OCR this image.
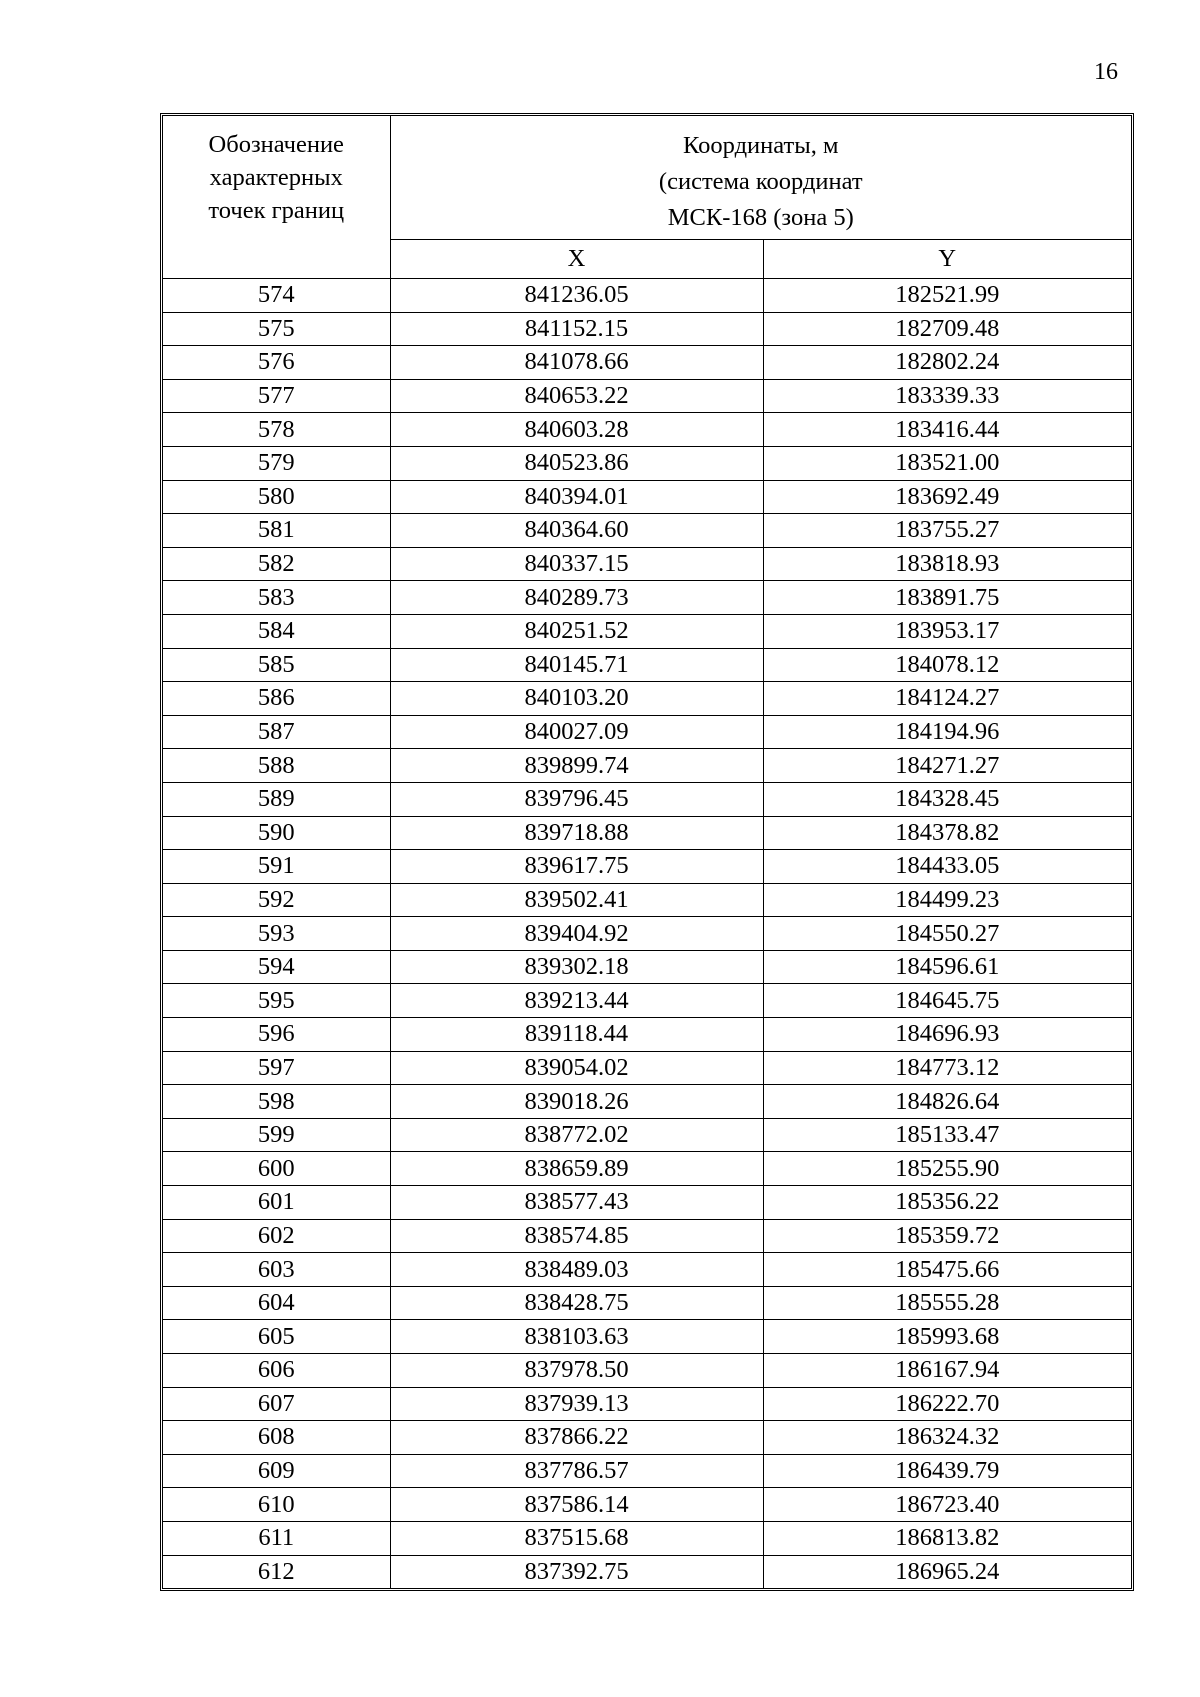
16
Обозначение
характерных
точек границ	Координаты, м
(система координат
МСК-168 (зона 5)	

	X	Y
574	841236.05	182521.99
575	841152.15	182709.48
576	841078.66	182802.24
577	840653.22	183339.33
578	840603.28	183416.44
579	840523.86	183521.00
580	840394.01	183692.49
581	840364.60	183755.27
582	840337.15	183818.93
583	840289.73	183891.75
584	840251.52	183953.17
585	840145.71	184078.12
586	840103.20	184124.27
587	840027.09	184194.96
588	839899.74	184271.27
589	839796.45	184328.45
590	839718.88	184378.82
591	839617.75	184433.05
592	839502.41	184499.23
593	839404.92	184550.27
594	839302.18	184596.61
595	839213.44	184645.75
596	839118.44	184696.93
597	839054.02	184773.12
598	839018.26	184826.64
599	838772.02	185133.47
600	838659.89	185255.90
601	838577.43	185356.22
602	838574.85	185359.72
603	838489.03	185475.66
604	838428.75	185555.28
605	838103.63	185993.68
606	837978.50	186167.94
607	837939.13	186222.70
608	837866.22	186324.32
609	837786.57	186439.79
610	837586.14	186723.40
611	837515.68	186813.82
612	837392.75	186965.24
